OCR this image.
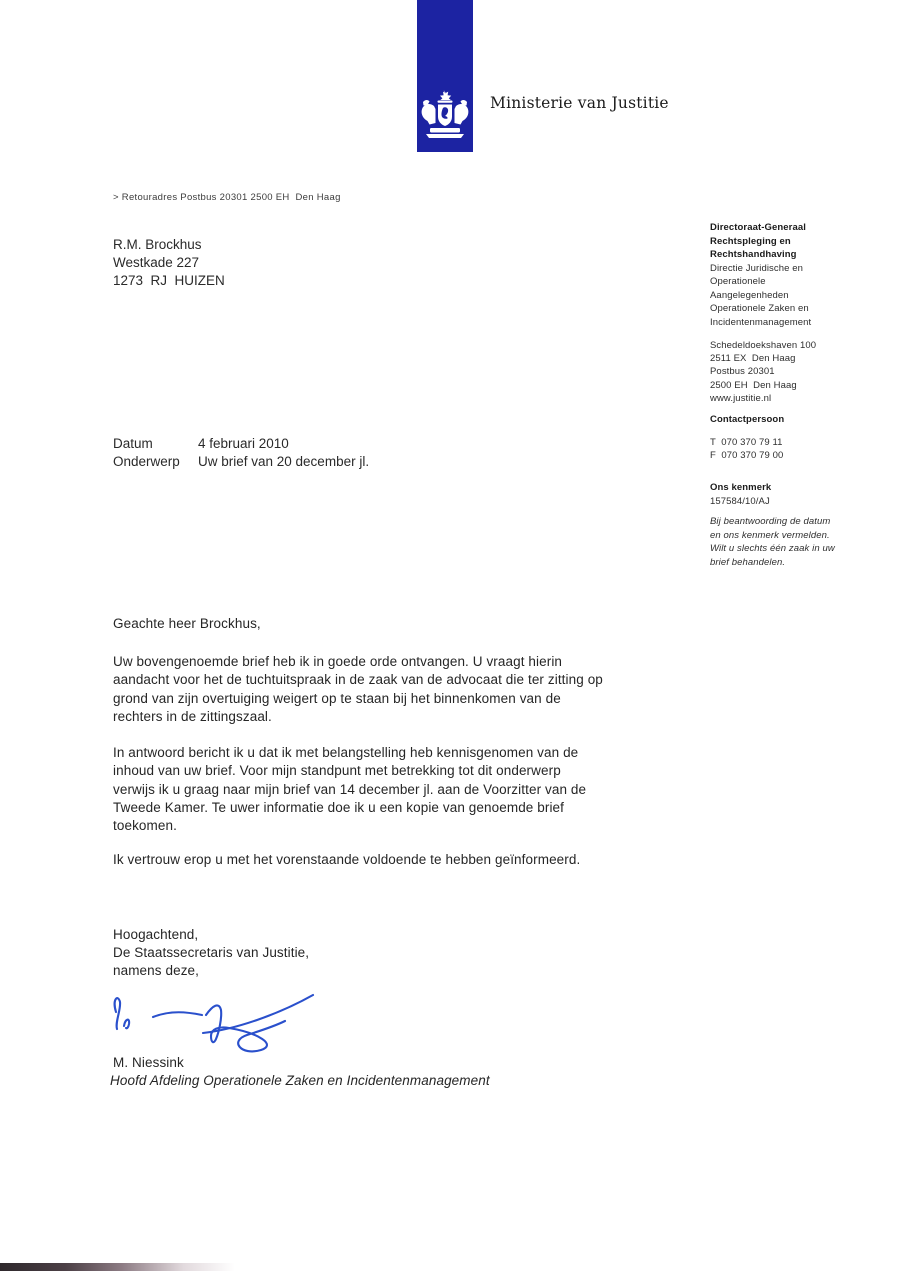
Ministerie van Justitie
> Retouradres Postbus 20301 2500 EH  Den Haag
R.M. Brockhus
Westkade 227
1273  RJ  HUIZEN
Directoraat-Generaal
Rechtspleging en
Rechtshandhaving
Directie Juridische en
Operationele
Aangelegenheden
Operationele Zaken en
Incidentenmanagement
Schedeldoekshaven 100
2511 EX  Den Haag
Postbus 20301
2500 EH  Den Haag
www.justitie.nl
Contactpersoon
T  070 370 79 11
F  070 370 79 00
Ons kenmerk
157584/10/AJ
Bij beantwoording de datum
en ons kenmerk vermelden.
Wilt u slechts één zaak in uw
brief behandelen.
Datum	4 februari 2010
Onderwerp	Uw brief van 20 december jl.
Geachte heer Brockhus,
Uw bovengenoemde brief heb ik in goede orde ontvangen. U vraagt hierin
aandacht voor het de tuchtuitspraak in de zaak van de advocaat die ter zitting op
grond van zijn overtuiging weigert op te staan bij het binnenkomen van de
rechters in de zittingszaal.
In antwoord bericht ik u dat ik met belangstelling heb kennisgenomen van de
inhoud van uw brief. Voor mijn standpunt met betrekking tot dit onderwerp
verwijs ik u graag naar mijn brief van 14 december jl. aan de Voorzitter van de
Tweede Kamer. Te uwer informatie doe ik u een kopie van genoemde brief
toekomen.
Ik vertrouw erop u met het vorenstaande voldoende te hebben geïnformeerd.
Hoogachtend,
De Staatssecretaris van Justitie,
namens deze,
M. Niessink
Hoofd Afdeling Operationele Zaken en Incidentenmanagement
